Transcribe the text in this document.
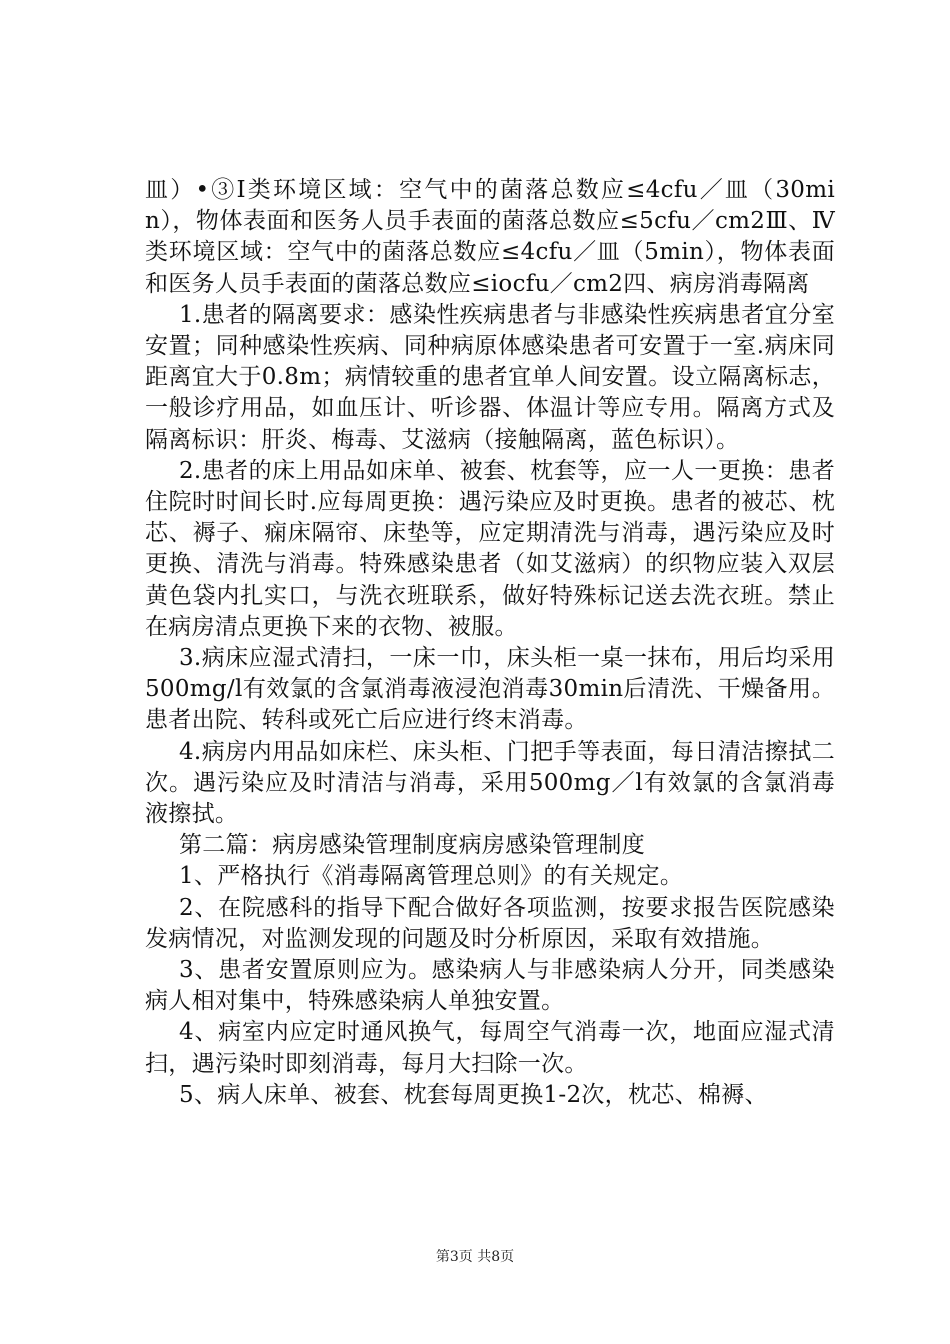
皿）•③Ⅰ类环境区域：空气中的菌落总数应≤4cfu／皿（30min），物体表面和医务人员手表面的菌落总数应≤5cfu／cm2Ⅲ、Ⅳ类环境区域：空气中的菌落总数应≤4cfu／皿（5min），物体表面和医务人员手表面的菌落总数应≤iocfu／cm2四、病房消毒隔离

1.患者的隔离要求：感染性疾病患者与非感染性疾病患者宜分室安置；同种感染性疾病、同种病原体感染患者可安置于一室.病床同距离宜大于0.8m；病情较重的患者宜单人间安置。设立隔离标志，一般诊疗用品，如血压计、听诊器、体温计等应专用。隔离方式及隔离标识：肝炎、梅毒、艾滋病（接触隔离，蓝色标识）。

2.患者的床上用品如床单、被套、枕套等，应一人一更换：患者住院时时间长时.应每周更换：遇污染应及时更换。患者的被芯、枕芯、褥子、痫床隔帘、床垫等，应定期清洗与消毒，遇污染应及时更换、清洗与消毒。特殊感染患者（如艾滋病）的织物应装入双层黄色袋内扎实口，与洗衣班联系，做好特殊标记送去洗衣班。禁止在病房清点更换下来的衣物、被服。

3.病床应湿式清扫，一床一巾，床头柜一桌一抹布，用后均采用500mg/l有效氯的含氯消毒液浸泡消毒30min后清洗、干燥备用。患者出院、转科或死亡后应进行终末消毒。

4.病房内用品如床栏、床头柜、门把手等表面，每日清洁擦拭二次。遇污染应及时清洁与消毒，采用500mg／l有效氯的含氯消毒液擦拭。

第二篇：病房感染管理制度病房感染管理制度

1、严格执行《消毒隔离管理总则》的有关规定。

2、在院感科的指导下配合做好各项监测，按要求报告医院感染发病情况，对监测发现的问题及时分析原因，采取有效措施。

3、患者安置原则应为。感染病人与非感染病人分开，同类感染病人相对集中，特殊感染病人单独安置。

4、病室内应定时通风换气，每周空气消毒一次，地面应湿式清扫，遇污染时即刻消毒，每月大扫除一次。

5、病人床单、被套、枕套每周更换1-2次，枕芯、棉褥、

第3页 共8页
